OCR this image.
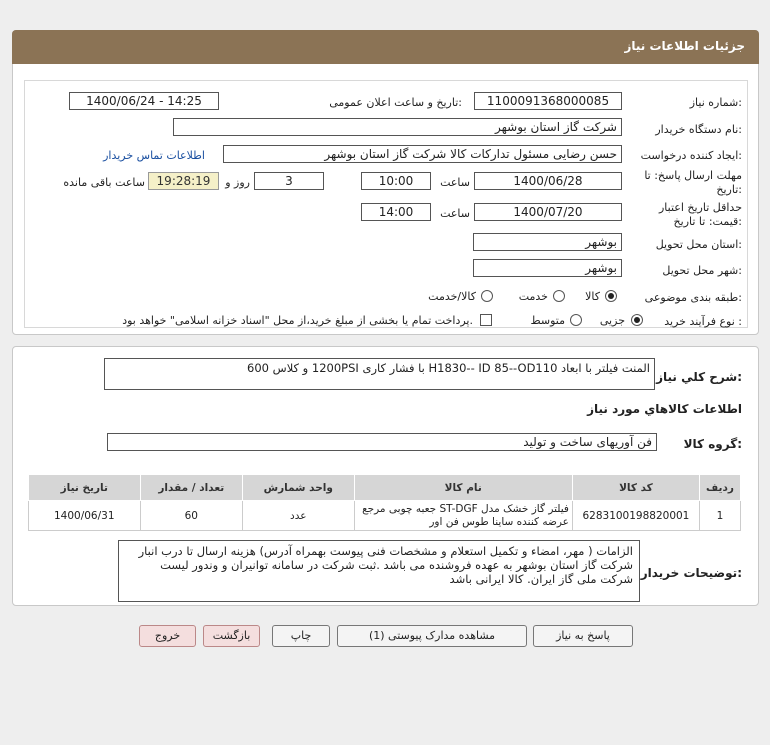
جزئیات اطلاعات نیاز
شماره نیاز:
1100091368000085
تاریخ و ساعت اعلان عمومی:
1400/06/24 - 14:25
نام دستگاه خریدار:
شرکت گاز استان بوشهر
ایجاد کننده درخواست:
حسن رضایی مسئول تدارکات کالا شرکت گاز استان بوشهر
اطلاعات تماس خریدار
مهلت ارسال پاسخ: تا
تاریخ:
1400/06/28
ساعت
10:00
3
روز و
19:28:19
ساعت باقی مانده
حداقل تاریخ اعتبار
قیمت: تا تاریخ:
1400/07/20
ساعت
14:00
استان محل تحویل:
بوشهر
شهر محل تحویل:
بوشهر
طبقه بندی موضوعی:
کالا
خدمت
کالا/خدمت
نوع فرآیند خرید :
جزیی
متوسط
پرداخت تمام یا بخشی از مبلغ خرید،از محل "اسناد خزانه اسلامی" خواهد بود.
شرح کلي نياز:
المنت فیلتر با ابعاد H1830-- ID 85--OD110 با فشار کاری 1200PSI و کلاس 600
اطلاعات کالاهاي مورد نياز
گروه کالا:
فن آوریهای ساخت و تولید
ردیف	کد کالا	نام کالا	واحد شمارش	تعداد / مقدار	تاریخ نیاز
1	6283100198820001	فیلتر گاز خشک مدل ST-DGF جعبه چوبی مرجع عرضه کننده ساینا طوس فن اور	عدد	60	1400/06/31
توضیحات خریدار:
الزامات ( مهر، امضاء و تکمیل استعلام و مشخصات فنی پیوست بهمراه آدرس) هزینه ارسال تا درب انبار شرکت گاز استان بوشهر به عهده فروشنده می باشد .ثبت شرکت در سامانه توانیران و وندور لیست شرکت ملی گاز ایران. کالا ایرانی باشد
پاسخ به نیاز
مشاهده مدارک پیوستی (1)
چاپ
بازگشت
خروج
